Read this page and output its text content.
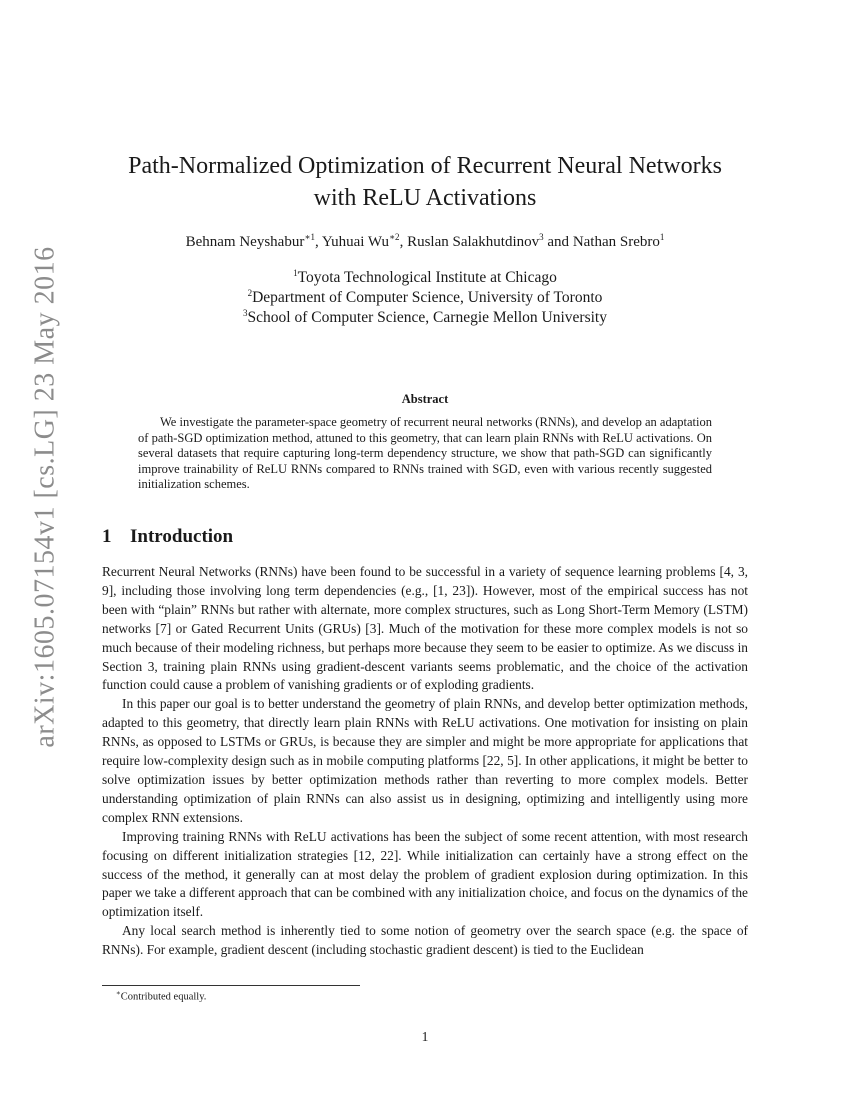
arXiv:1605.07154v1 [cs.LG] 23 May 2016
Path-Normalized Optimization of Recurrent Neural Networks
with ReLU Activations
Behnam Neyshabur$^{∗1}$, Yuhuai $Wu^{∗2}$, Ruslan Salakhutdinov$^3$ and Nathan Srebro$^1$
$^1$Toyota Technological Institute at Chicago
$^2$Department of Computer Science, University of Toronto
$^3$School of Computer Science, Carnegie Mellon University
Abstract

We investigate the parameter-space geometry of recurrent neural networks (RNNs), and develop an adaptation of path-SGD optimization method, attuned to this geometry, that can learn plain RNNs with ReLU activations. On several datasets that require capturing long-term dependency structure, we show that path-SGD can significantly improve trainability of ReLU RNNs compared to RNNs trained with SGD, even with various recently suggested initialization schemes.

1 Introduction

Recurrent Neural Networks (RNNs) have been found to be successful in a variety of sequence learning problems [4, 3, 9], including those involving long term dependencies (e.g., [1, 23]). However, most of the empirical success has not been with “plain” RNNs but rather with alternate, more complex structures, such as Long Short-Term Memory (LSTM) networks [7] or Gated Recurrent Units (GRUs) [3]. Much of the motivation for these more complex models is not so much because of their modeling richness, but perhaps more because they seem to be easier to optimize. As we discuss in Section 3, training plain RNNs using gradient-descent variants seems problematic, and the choice of the activation function could cause a problem of vanishing gradients or of exploding gradients.

In this paper our goal is to better understand the geometry of plain RNNs, and develop better optimization methods, adapted to this geometry, that directly learn plain RNNs with ReLU activations. One motivation for insisting on plain RNNs, as opposed to LSTMs or GRUs, is because they are simpler and might be more appropriate for applications that require low-complexity design such as in mobile computing platforms [22, 5]. In other applications, it might be better to solve optimization issues by better optimization methods rather than reverting to more complex models. Better understanding optimization of plain RNNs can also assist us in designing, optimizing and intelligently using more complex RNN extensions.

Improving training RNNs with ReLU activations has been the subject of some recent attention, with most research focusing on different initialization strategies [12, 22]. While initialization can certainly have a strong effect on the success of the method, it generally can at most delay the problem of gradient explosion during optimization. In this paper we take a different approach that can be combined with any initialization choice, and focus on the dynamics of the optimization itself.

Any local search method is inherently tied to some notion of geometry over the search space (e.g. the space of RNNs). For example, gradient descent (including stochastic gradient descent) is tied to the Euclidean

∗Contributed equally.
1
